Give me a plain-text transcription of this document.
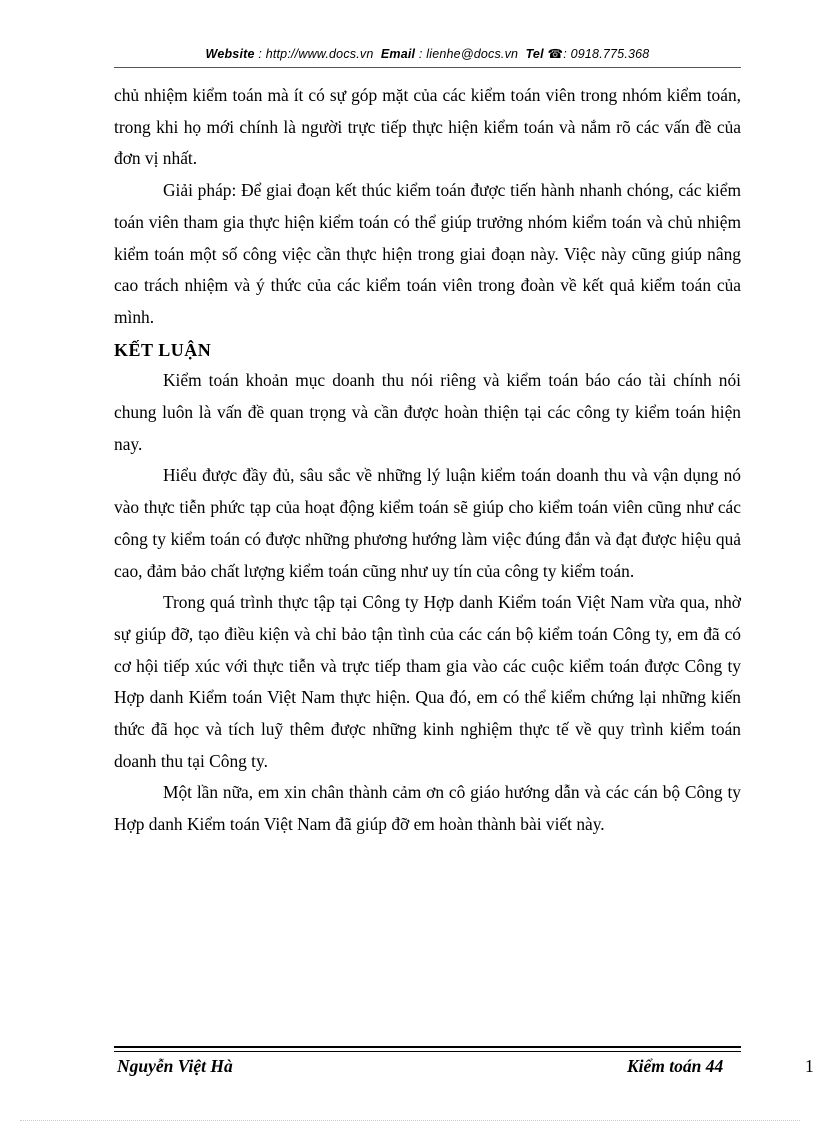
Website : http://www.docs.vn Email : lienhe@docs.vn Tel ☎: 0918.775.368

chủ nhiệm kiểm toán mà ít có sự góp mặt của các kiểm toán viên trong nhóm kiểm toán, trong khi họ mới chính là người trực tiếp thực hiện kiểm toán và nắm rõ các vấn đề của đơn vị nhất.

Giải pháp: Để giai đoạn kết thúc kiểm toán được tiến hành nhanh chóng, các kiểm toán viên tham gia thực hiện kiểm toán có thể giúp trưởng nhóm kiểm toán và chủ nhiệm kiểm toán một số công việc cần thực hiện trong giai đoạn này. Việc này cũng giúp nâng cao trách nhiệm và ý thức của các kiểm toán viên trong đoàn về kết quả kiểm toán của mình.

KẾT LUẬN

Kiểm toán khoản mục doanh thu nói riêng và kiểm toán báo cáo tài chính nói chung luôn là vấn đề quan trọng và cần được hoàn thiện tại các công ty kiểm toán hiện nay.

Hiểu được đầy đủ, sâu sắc về những lý luận kiểm toán doanh thu và vận dụng nó vào thực tiễn phức tạp của hoạt động kiểm toán sẽ giúp cho kiểm toán viên cũng như các công ty kiểm toán có được những phương hướng làm việc đúng đắn và đạt được hiệu quả cao, đảm bảo chất lượng kiểm toán cũng như uy tín của công ty kiểm toán.

Trong quá trình thực tập tại Công ty Hợp danh Kiểm toán Việt Nam vừa qua, nhờ sự giúp đỡ, tạo điều kiện và chỉ bảo tận tình của các cán bộ kiểm toán Công ty, em đã có cơ hội tiếp xúc với thực tiễn và trực tiếp tham gia vào các cuộc kiểm toán được Công ty Hợp danh Kiểm toán Việt Nam thực hiện. Qua đó, em có thể kiểm chứng lại những kiến thức đã học và tích luỹ thêm được những kinh nghiệm thực tế về quy trình kiểm toán doanh thu tại Công ty.

Một lần nữa, em xin chân thành cảm ơn cô giáo hướng dẫn và các cán bộ Công ty Hợp danh Kiểm toán Việt Nam đã giúp đỡ em hoàn thành bài viết này.

Nguyễn Việt Hà	Kiểm toán 44	1
